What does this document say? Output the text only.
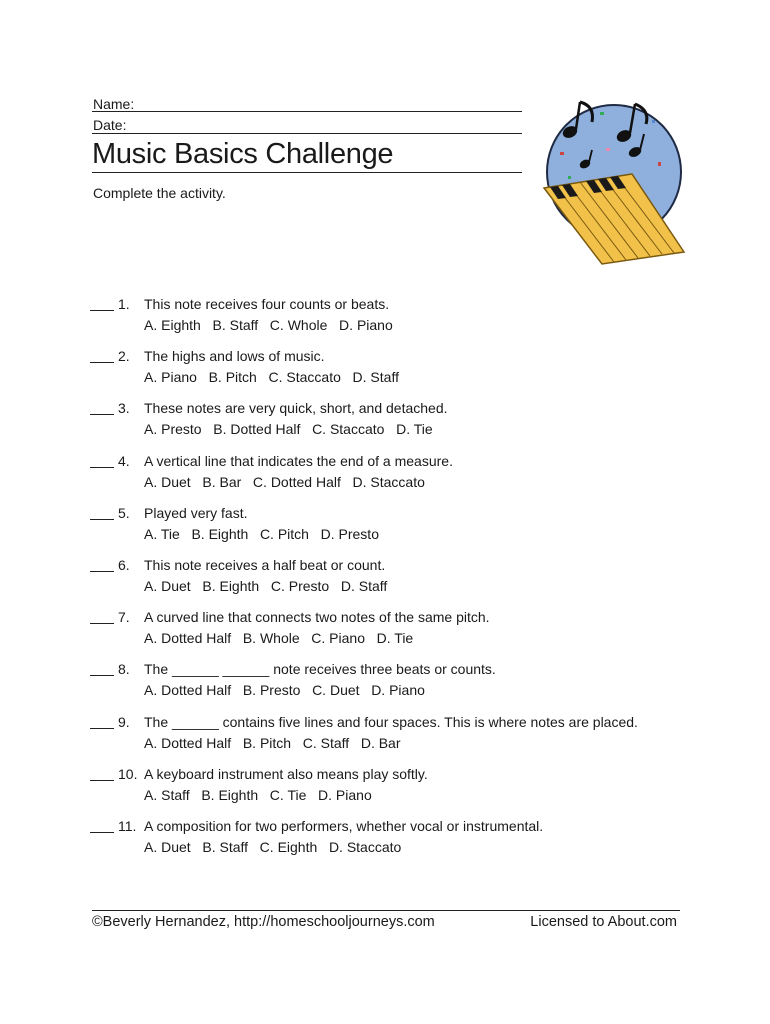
Name:
Date:
Music Basics Challenge
Complete the activity.
1. This note receives four counts or beats.
A. Eighth   B. Staff   C. Whole   D. Piano
2. The highs and lows of music.
A. Piano   B. Pitch   C. Staccato   D. Staff
3. These notes are very quick, short, and detached.
A. Presto   B. Dotted Half   C. Staccato   D. Tie
4. A vertical line that indicates the end of a measure.
A. Duet   B. Bar   C. Dotted Half   D. Staccato
5. Played very fast.
A. Tie   B. Eighth   C. Pitch   D. Presto
6. This note receives a half beat or count.
A. Duet   B. Eighth   C. Presto   D. Staff
7. A curved line that connects two notes of the same pitch.
A. Dotted Half   B. Whole   C. Piano   D. Tie
8. The ______ ______ note receives three beats or counts.
A. Dotted Half   B. Presto   C. Duet   D. Piano
9. The ______ contains five lines and four spaces. This is where notes are placed.
A. Dotted Half   B. Pitch   C. Staff   D. Bar
10. A keyboard instrument also means play softly.
A. Staff   B. Eighth   C. Tie   D. Piano
11. A composition for two performers, whether vocal or instrumental.
A. Duet   B. Staff   C. Eighth   D. Staccato
©Beverly Hernandez, http://homeschooljourneys.com	Licensed to About.com
